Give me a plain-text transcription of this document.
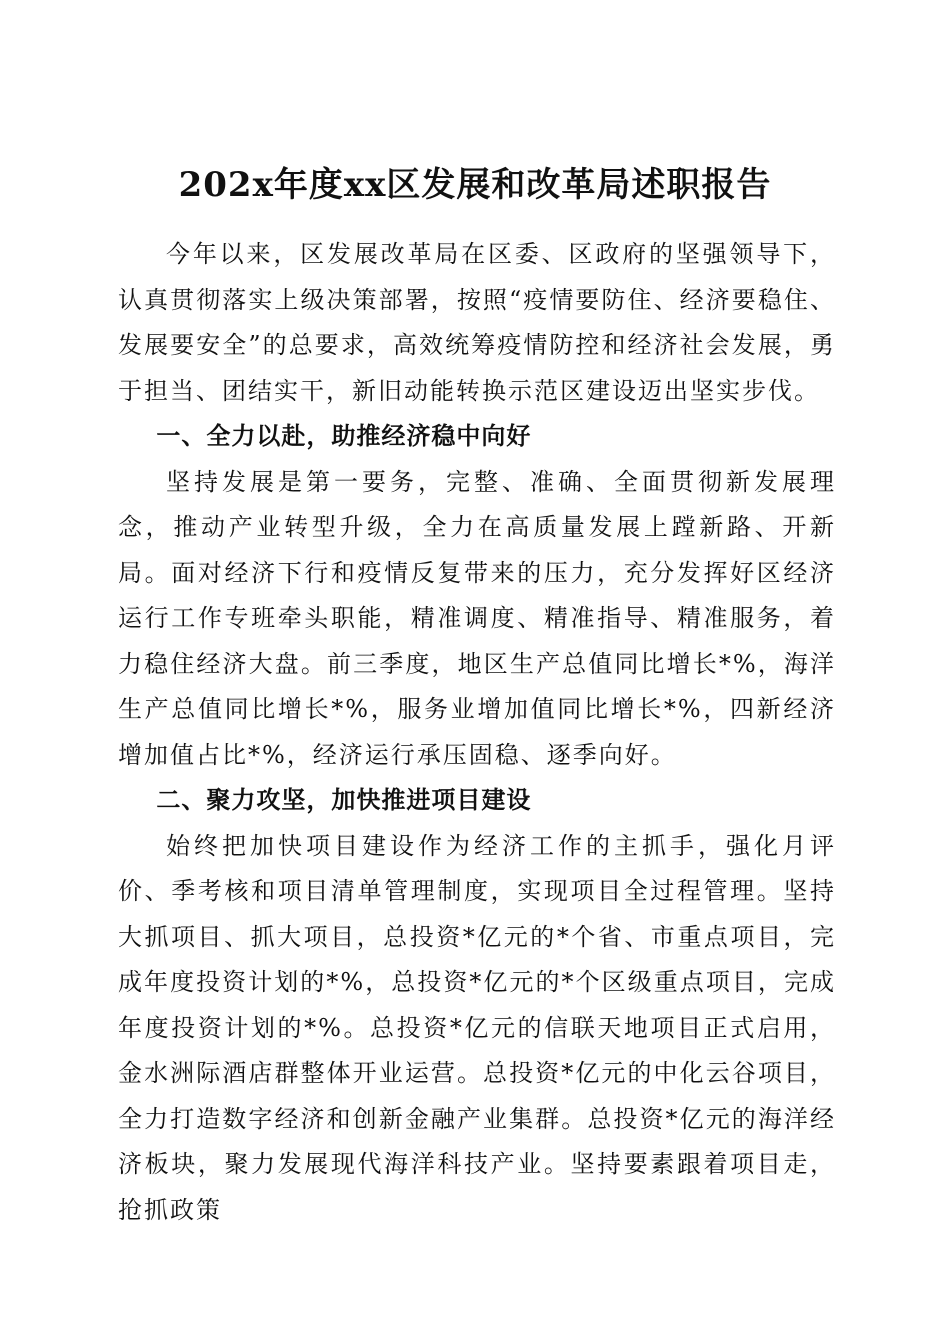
202x年度xx区发展和改革局述职报告

今年以来，区发展改革局在区委、区政府的坚强领导下，认真贯彻落实上级决策部署，按照“疫情要防住、经济要稳住、发展要安全”的总要求，高效统筹疫情防控和经济社会发展，勇于担当、团结实干，新旧动能转换示范区建设迈出坚实步伐。

一、全力以赴，助推经济稳中向好

坚持发展是第一要务，完整、准确、全面贯彻新发展理念，推动产业转型升级，全力在高质量发展上蹚新路、开新局。面对经济下行和疫情反复带来的压力，充分发挥好区经济运行工作专班牵头职能，精准调度、精准指导、精准服务，着力稳住经济大盘。前三季度，地区生产总值同比增长*%，海洋生产总值同比增长*%，服务业增加值同比增长*%，四新经济增加值占比*%，经济运行承压固稳、逐季向好。

二、聚力攻坚，加快推进项目建设

始终把加快项目建设作为经济工作的主抓手，强化月评价、季考核和项目清单管理制度，实现项目全过程管理。坚持大抓项目、抓大项目，总投资*亿元的*个省、市重点项目，完成年度投资计划的*%，总投资*亿元的*个区级重点项目，完成年度投资计划的*%。总投资*亿元的信联天地项目正式启用，金水洲际酒店群整体开业运营。总投资*亿元的中化云谷项目，全力打造数字经济和创新金融产业集群。总投资*亿元的海洋经济板块，聚力发展现代海洋科技产业。坚持要素跟着项目走，抢抓政策
